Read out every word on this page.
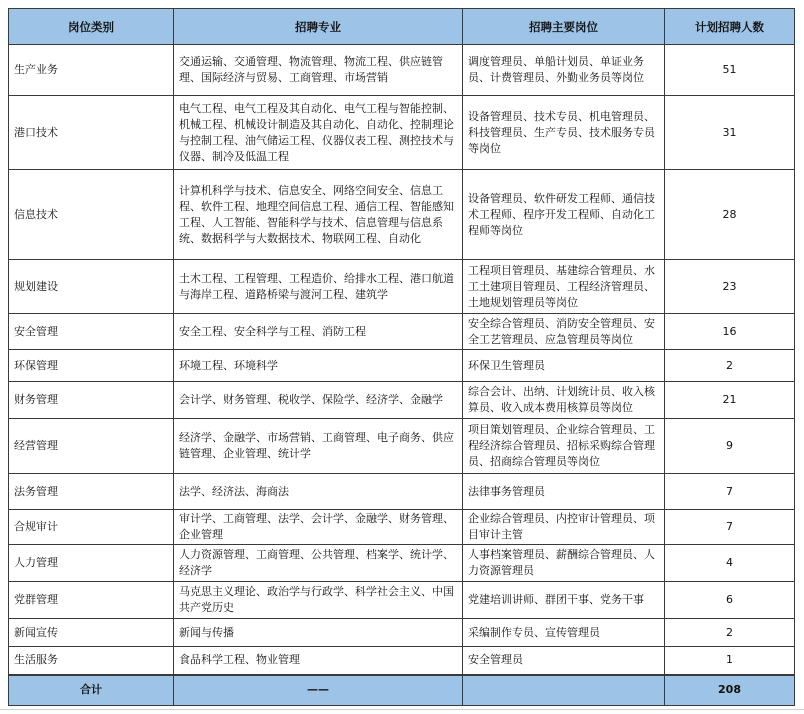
岗位类别	招聘专业	招聘主要岗位	计划招聘人数
生产业务	交通运输、交通管理、物流管理、物流工程、供应链管理、国际经济与贸易、工商管理、市场营销	调度管理员、单船计划员、单证业务员、计费管理员、外勤业务员等岗位	51
港口技术	电气工程、电气工程及其自动化、电气工程与智能控制、机械工程、机械设计制造及其自动化、自动化、控制理论与控制工程、油气储运工程、仪器仪表工程、测控技术与仪器、制冷及低温工程	设备管理员、技术专员、机电管理员、科技管理员、生产专员、技术服务专员等岗位	31
信息技术	计算机科学与技术、信息安全、网络空间安全、信息工程、软件工程、地理空间信息工程、通信工程、智能感知工程、人工智能、智能科学与技术、信息管理与信息系统、数据科学与大数据技术、物联网工程、自动化	设备管理员、软件研发工程师、通信技术工程师、程序开发工程师、自动化工程师等岗位	28
规划建设	土木工程、工程管理、工程造价、给排水工程、港口航道与海岸工程、道路桥梁与渡河工程、建筑学	工程项目管理员、基建综合管理员、水工土建项目管理员、工程经济管理员、土地规划管理员等岗位	23
安全管理	安全工程、安全科学与工程、消防工程	安全综合管理员、消防安全管理员、安全工艺管理员、应急管理员等岗位	16
环保管理	环境工程、环境科学	环保卫生管理员	2
财务管理	会计学、财务管理、税收学、保险学、经济学、金融学	综合会计、出纳、计划统计员、收入核算员、收入成本费用核算员等岗位	21
经营管理	经济学、金融学、市场营销、工商管理、电子商务、供应链管理、企业管理、统计学	项目策划管理员、企业综合管理员、工程经济综合管理员、招标采购综合管理员、招商综合管理员等岗位	9
法务管理	法学、经济法、海商法	法律事务管理员	7
合规审计	审计学、工商管理、法学、会计学、金融学、财务管理、企业管理	企业综合管理员、内控审计管理员、项目审计主管	7
人力管理	人力资源管理、工商管理、公共管理、档案学、统计学、经济学	人事档案管理员、薪酬综合管理员、人力资源管理员	4
党群管理	马克思主义理论、政治学与行政学、科学社会主义、中国共产党历史	党建培训讲师、群团干事、党务干事	6
新闻宣传	新闻与传播	采编制作专员、宣传管理员	2
生活服务	食品科学工程、物业管理	安全管理员	1
合计	——		208
